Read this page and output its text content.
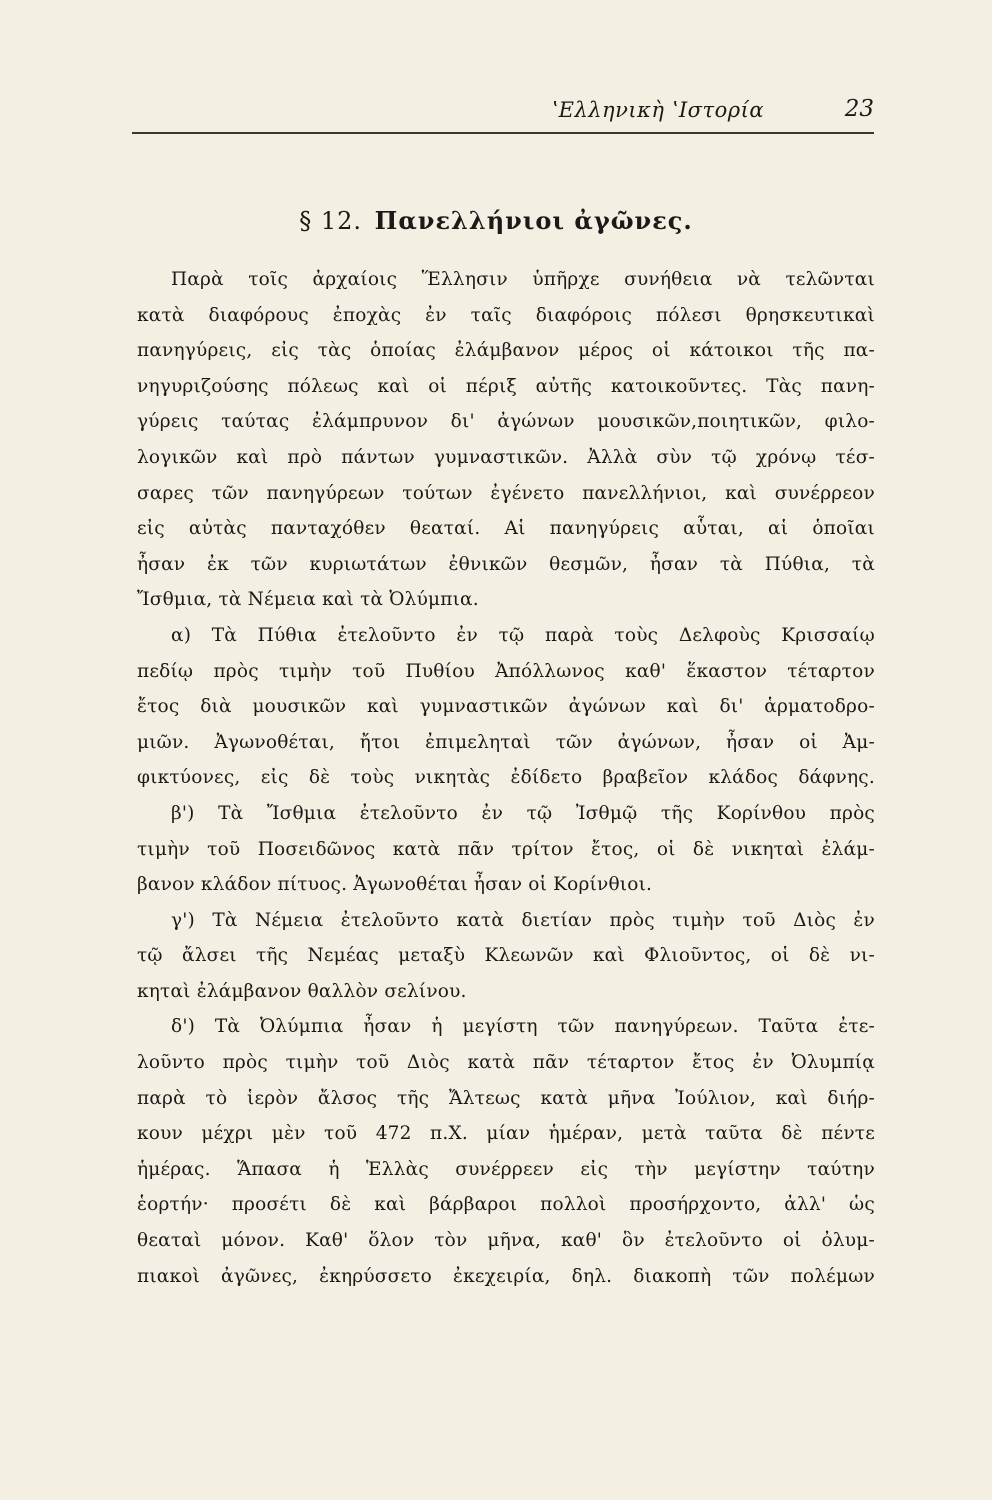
ʽΕλληνικὴ ʽΙστορία	23
§ 12. Πανελλήνιοι ἀγῶνες.
Παρὰ τοῖς ἀρχαίοις Ἕλλησιν ὑπῆρχε συνήθεια νὰ τελῶνται
κατὰ διαφόρους ἐποχὰς ἐν ταῖς διαφόροις πόλεσι θρησκευτικαὶ
πανηγύρεις, εἰς τὰς ὁποίας ἐλάμβανον μέρος οἱ κάτοικοι τῆς πα-
νηγυριζούσης πόλεως καὶ οἱ πέριξ αὐτῆς κατοικοῦντες. Τὰς πανη-
γύρεις ταύτας ἐλάμπρυνον δι' ἀγώνων μουσικῶν,ποιητικῶν, φιλο-
λογικῶν καὶ πρὸ πάντων γυμναστικῶν. Ἀλλὰ σὺν τῷ χρόνῳ τέσ-
σαρες τῶν πανηγύρεων τούτων ἐγένετο πανελλήνιοι, καὶ συνέρρεον
εἰς αὐτὰς πανταχόθεν θεαταί. Αἱ πανηγύρεις αὗται, αἱ ὁποῖαι
ἦσαν ἐκ τῶν κυριωτάτων ἐθνικῶν θεσμῶν, ἦσαν τὰ Πύθια, τὰ
Ἴσθμια, τὰ Νέμεια καὶ τὰ Ὀλύμπια.
α) Τὰ Πύθια ἐτελοῦντο ἐν τῷ παρὰ τοὺς Δελφοὺς Κρισσαίῳ
πεδίῳ πρὸς τιμὴν τοῦ Πυθίου Ἀπόλλωνος καθ' ἕκαστον τέταρτον
ἔτος διὰ μουσικῶν καὶ γυμναστικῶν ἀγώνων καὶ δι' ἁρματοδρο-
μιῶν. Ἀγωνοθέται, ἤτοι ἐπιμεληταὶ τῶν ἀγώνων, ἦσαν οἱ Ἀμ-
φικτύονες, εἰς δὲ τοὺς νικητὰς ἐδίδετο βραβεῖον κλάδος δάφνης.
β') Τὰ Ἴσθμια ἐτελοῦντο ἐν τῷ Ἰσθμῷ τῆς Κορίνθου πρὸς
τιμὴν τοῦ Ποσειδῶνος κατὰ πᾶν τρίτον ἔτος, οἱ δὲ νικηταὶ ἐλάμ-
βανον κλάδον πίτυος. Ἀγωνοθέται ἦσαν οἱ Κορίνθιοι.
γ') Τὰ Νέμεια ἐτελοῦντο κατὰ διετίαν πρὸς τιμὴν τοῦ Διὸς ἐν
τῷ ἄλσει τῆς Νεμέας μεταξὺ Κλεωνῶν καὶ Φλιοῦντος, οἱ δὲ νι-
κηταὶ ἐλάμβανον θαλλὸν σελίνου.
δ') Τὰ Ὀλύμπια ἦσαν ἡ μεγίστη τῶν πανηγύρεων. Ταῦτα ἐτε-
λοῦντο πρὸς τιμὴν τοῦ Διὸς κατὰ πᾶν τέταρτον ἔτος ἐν Ὀλυμπίᾳ
παρὰ τὸ ἱερὸν ἄλσος τῆς Ἄλτεως κατὰ μῆνα Ἰούλιον, καὶ διήρ-
κουν μέχρι μὲν τοῦ 472 π.Χ. μίαν ἡμέραν, μετὰ ταῦτα δὲ πέντε
ἡμέρας. Ἅπασα ἡ Ἑλλὰς συνέρρεεν εἰς τὴν μεγίστην ταύτην
ἑορτήν· προσέτι δὲ καὶ βάρβαροι πολλοὶ προσήρχοντο, ἀλλ' ὡς
θεαταὶ μόνον. Καθ' ὅλον τὸν μῆνα, καθ' ὃν ἐτελοῦντο οἱ ὀλυμ-
πιακοὶ ἀγῶνες, ἐκηρύσσετο ἐκεχειρία, δηλ. διακοπὴ τῶν πολέμων
